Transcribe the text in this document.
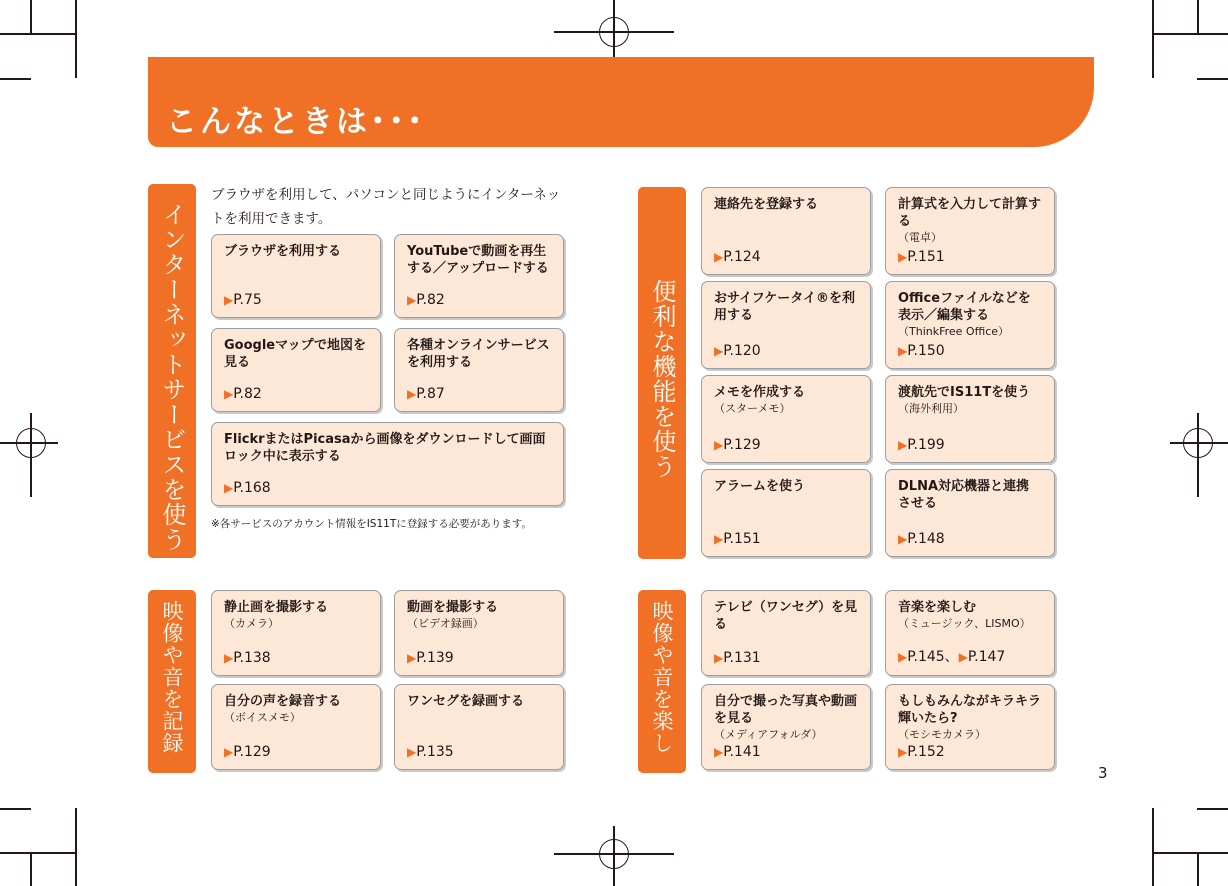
こんなときは･･･
インターネットサービスを使う
ブラウザを利用して、パソコンと同じようにインターネットを利用できます。
ブラウザを利用する
▶P.75
YouTubeで動画を再生する／アップロードする
▶P.82
Googleマップで地図を見る
▶P.82
各種オンラインサービスを利用する
▶P.87
FlickrまたはPicasaから画像をダウンロードして画面ロック中に表示する
▶P.168
※各サービスのアカウント情報をIS11Tに登録する必要があります。
便利な機能を使う
連絡先を登録する
▶P.124
計算式を入力して計算する
（電卓）
▶P.151
おサイフケータイ®を利用する
▶P.120
Officeファイルなどを表示／編集する
（ThinkFree Office）
▶P.150
メモを作成する
（スターメモ）
▶P.129
渡航先でIS11Tを使う
（海外利用）
▶P.199
アラームを使う
▶P.151
DLNA対応機器と連携させる
▶P.148
映像や音を記録する	静止画を撮影する
（カメラ）
▶P.138
動画を撮影する
（ビデオ録画）
▶P.139
自分の声を録音する
（ボイスメモ）
▶P.129
ワンセグを録画する
▶P.135	映像や音を楽しむ	テレビ（ワンセグ）を見る
▶P.131
音楽を楽しむ
（ミュージック、LISMO）
▶P.145、▶P.147
自分で撮った写真や動画を見る
（メディアフォルダ）
▶P.141
もしもみんながキラキラ輝いたら?
（モシモカメラ）
▶P.152
3
